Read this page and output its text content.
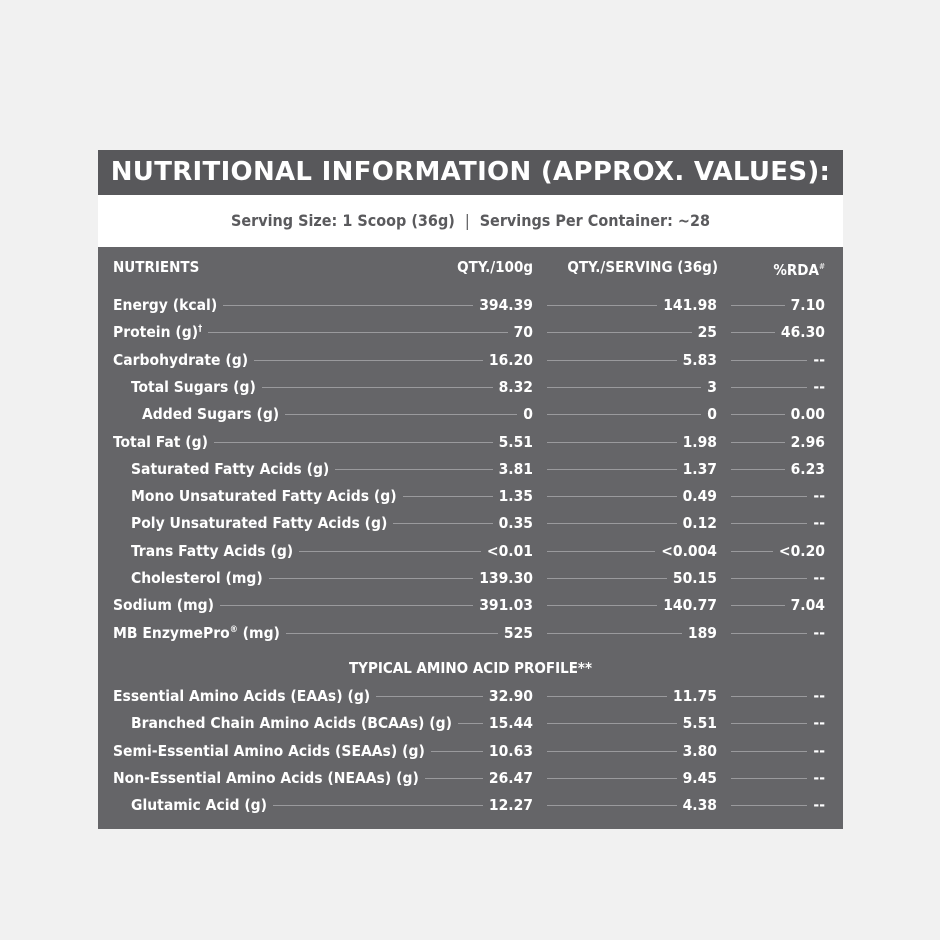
NUTRITIONAL INFORMATION (APPROX. VALUES):
Serving Size: 1 Scoop (36g) | Servings Per Container: ~28
NUTRIENTS	QTY./100g QTY./SERVING (36g)	%RDA#
Energy (kcal)	394.39	141.98	7.10
Protein (g)†	70	25	46.30
Carbohydrate (g)	16.20	5.83	--
Total Sugars (g)	8.32	3	--
Added Sugars (g)	0	0	0.00
Total Fat (g)	5.51	1.98	2.96
Saturated Fatty Acids (g)	3.81	1.37	6.23
Mono Unsaturated Fatty Acids (g)	1.35	0.49	--
Poly Unsaturated Fatty Acids (g)	0.35	0.12	--
Trans Fatty Acids (g)	<0.01	<0.004	<0.20
Cholesterol (mg)	139.30	50.15	--
Sodium (mg)	391.03	140.77	7.04
MB EnzymePro® (mg)	525	189	--
TYPICAL AMINO ACID PROFILE**
Essential Amino Acids (EAAs) (g)	32.90	11.75	--
Branched Chain Amino Acids (BCAAs) (g) 15.44	5.51	--
Semi-Essential Amino Acids (SEAAs) (g)	10.63	3.80	--
Non-Essential Amino Acids (NEAAs) (g)	26.47	9.45	--
Glutamic Acid (g)	12.27	4.38	--
